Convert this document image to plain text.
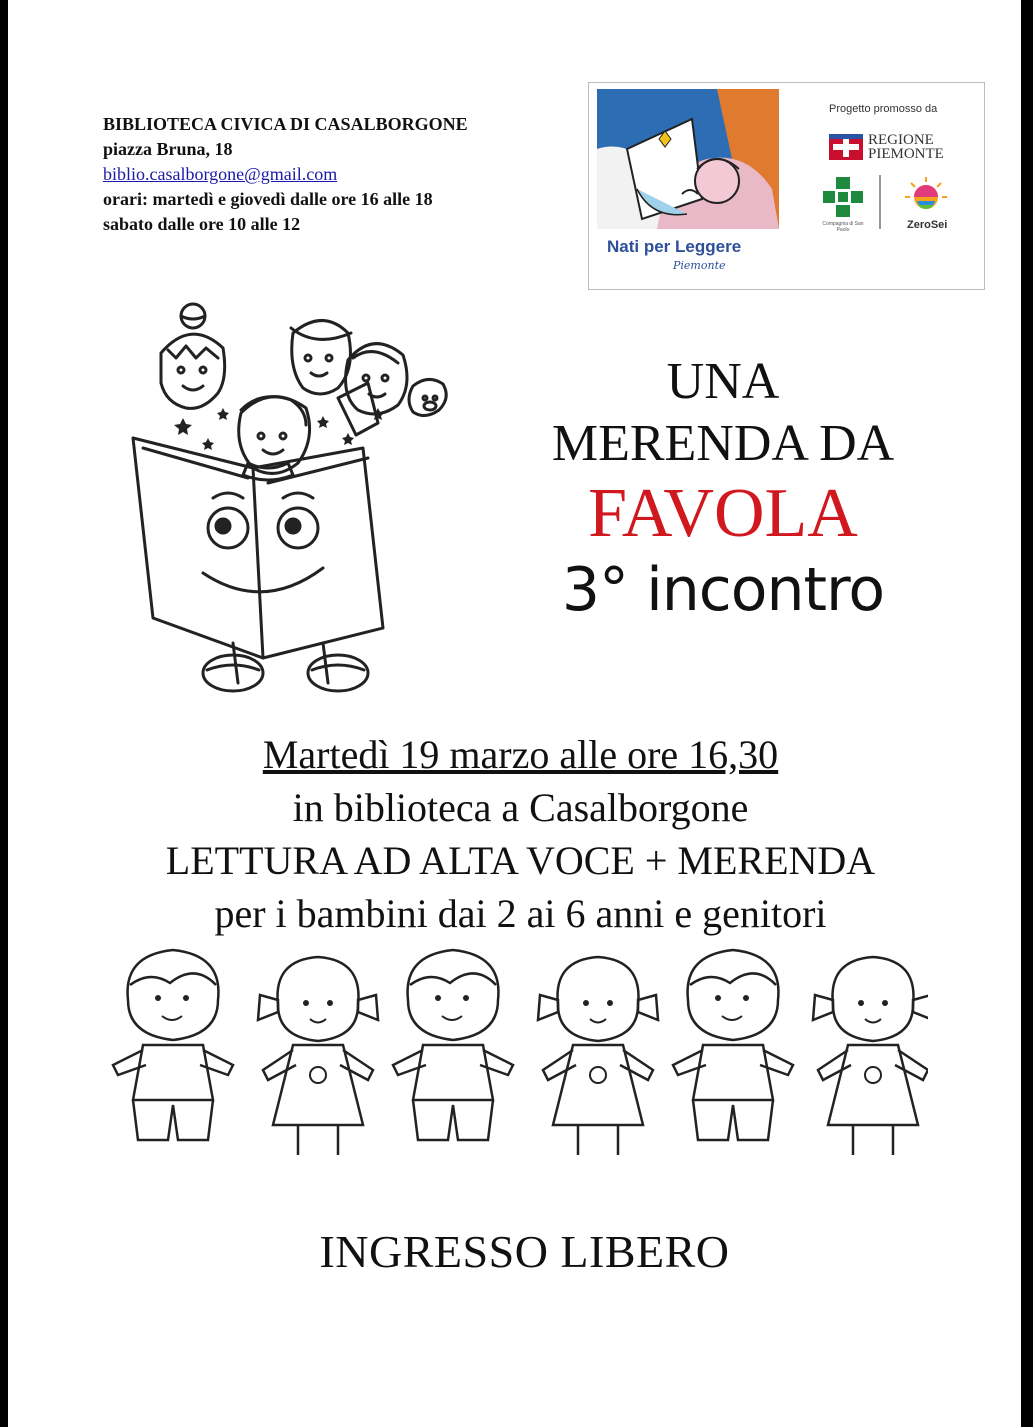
BIBLIOTECA CIVICA DI CASALBORGONE
piazza Bruna, 18
biblio.casalborgone@gmail.com
orari: martedì e giovedì dalle ore 16 alle 18
sabato dalle ore 10 alle 12
Nati per Leggere
Piemonte
Progetto promosso da
REGIONE
PIEMONTE
Compagnia di San Paolo	ZeroSei
UNA
MERENDA DA
FAVOLA
3° incontro
Martedì 19 marzo alle ore 16,30
in biblioteca a Casalborgone
LETTURA AD ALTA VOCE + MERENDA
per i bambini dai 2 ai 6 anni e genitori
INGRESSO LIBERO
